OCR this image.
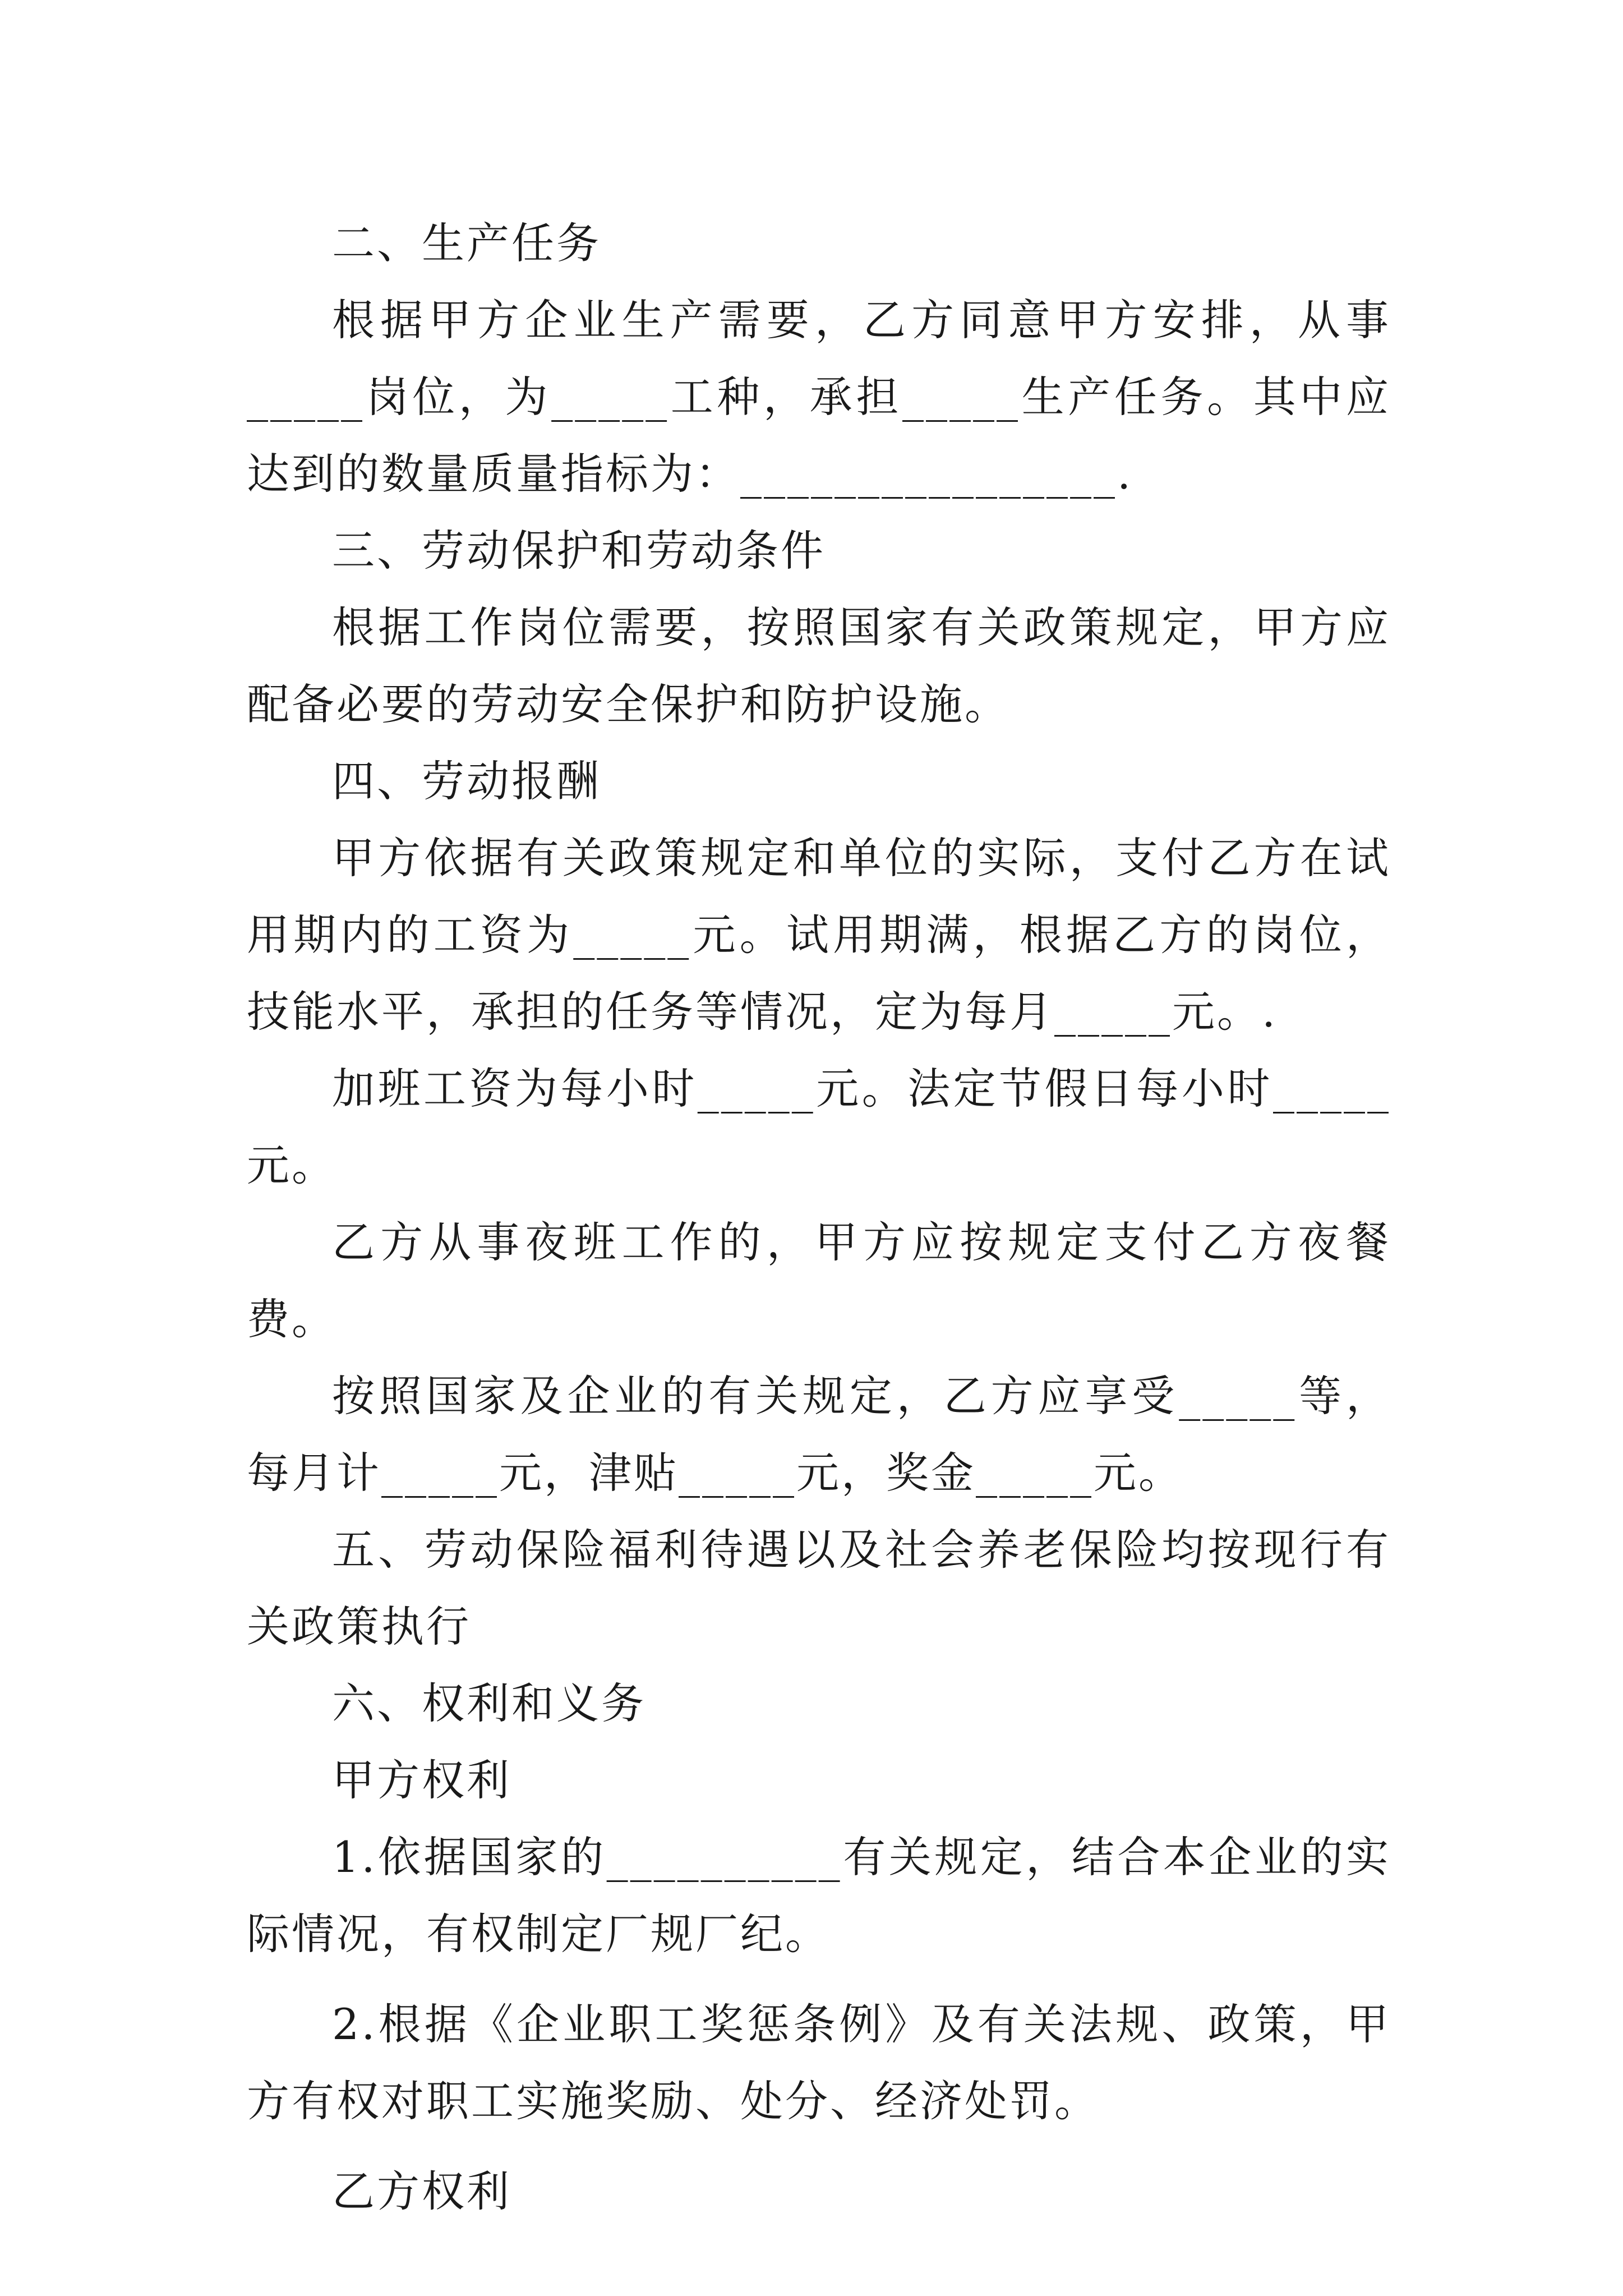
二、生产任务

根据甲方企业生产需要，乙方同意甲方安排，从事_____岗位，为_____工种，承担_____生产任务。其中应达到的数量质量指标为：________________.

三、劳动保护和劳动条件

根据工作岗位需要，按照国家有关政策规定，甲方应配备必要的劳动安全保护和防护设施。

四、劳动报酬

甲方依据有关政策规定和单位的实际，支付乙方在试用期内的工资为_____元。试用期满，根据乙方的岗位，技能水平，承担的任务等情况，定为每月_____元。.

加班工资为每小时_____元。法定节假日每小时_____元。

乙方从事夜班工作的，甲方应按规定支付乙方夜餐费。

按照国家及企业的有关规定，乙方应享受_____等，每月计_____元，津贴_____元，奖金_____元。

五、劳动保险福利待遇以及社会养老保险均按现行有关政策执行

六、权利和义务

甲方权利

1.依据国家的__________有关规定，结合本企业的实际情况，有权制定厂规厂纪。

2.根据《企业职工奖惩条例》及有关法规、政策，甲方有权对职工实施奖励、处分、经济处罚。

乙方权利
